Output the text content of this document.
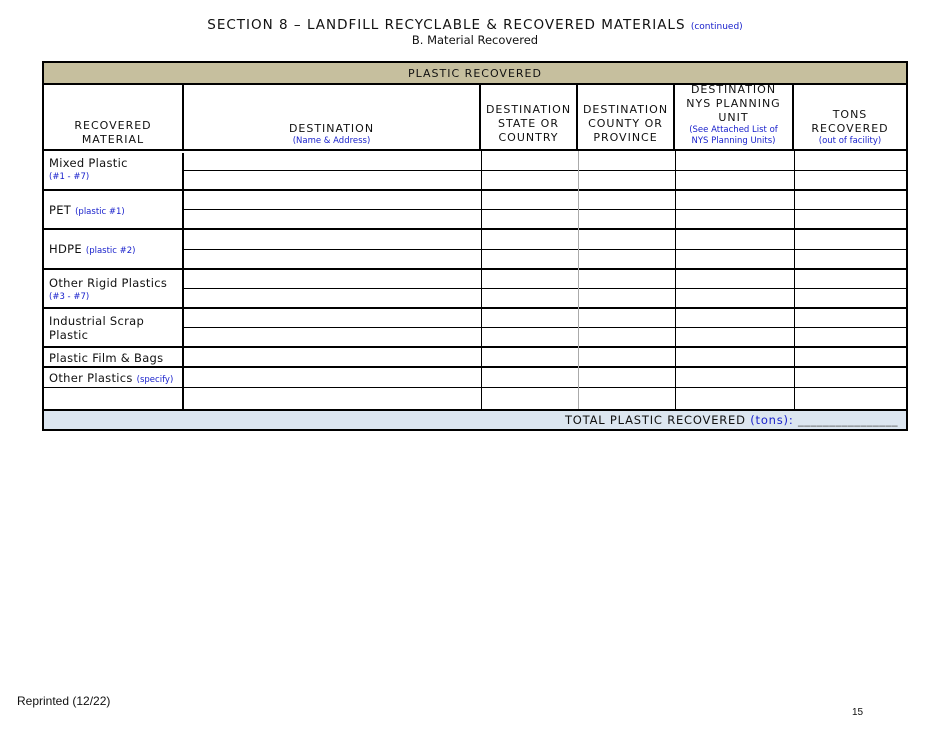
SECTION 8 – LANDFILL RECYCLABLE & RECOVERED MATERIALS (continued)
B. Material Recovered
PLASTIC RECOVERED
RECOVERED MATERIAL
DESTINATION
(Name & Address)
DESTINATION STATE OR COUNTRY
DESTINATION COUNTY OR PROVINCE
DESTINATION NYS PLANNING UNIT
(See Attached List of NYS Planning Units)
TONS RECOVERED
(out of facility)
Mixed Plastic
(#1 - #7)
PET (plastic #1)
HDPE (plastic #2)
Other Rigid Plastics
(#3 - #7)
Industrial Scrap Plastic
Plastic Film & Bags
Other Plastics (specify)
TOTAL PLASTIC RECOVERED (tons): ________________
Reprinted (12/22)
15
